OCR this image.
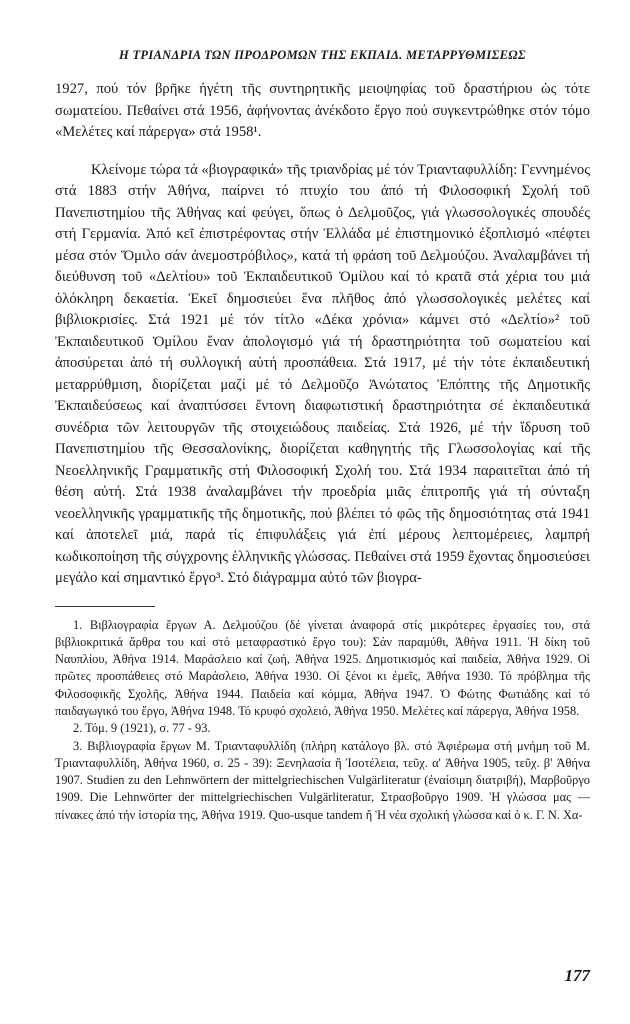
Η ΤΡΙΑΝΔΡΙΑ ΤΩΝ ΠΡΟΔΡΟΜΩΝ ΤΗΣ ΕΚΠΑΙΔ. ΜΕΤΑΡΡΥΘΜΙΣΕΩΣ

1927, πού τόν βρῆκε ἡγέτη τῆς συντηρητικῆς μειοψηφίας τοῦ δραστήριου ὡς τότε σωματείου. Πεθαίνει στά 1956, ἀφήνοντας ἀνέκδοτο ἔργο πού συγκεντρώθηκε στόν τόμο «Μελέτες καί πάρεργα» στά 1958¹.

Κλείνομε τώρα τά «βιογραφικά» τῆς τριανδρίας μέ τόν Τριανταφυλλίδη: Γεννημένος στά 1883 στήν Ἀθήνα, παίρνει τό πτυχίο του ἀπό τή Φιλοσοφική Σχολή τοῦ Πανεπιστημίου τῆς Ἀθήνας καί φεύγει, ὅπως ὁ Δελμοῦζος, γιά γλωσσολογικές σπουδές στή Γερμανία. Ἀπό κεῖ ἐπιστρέφοντας στήν Ἑλλάδα μέ ἐπιστημονικό ἐξοπλισμό «πέφτει μέσα στόν Ὅμιλο σάν ἀνεμοστρόβιλος», κατά τή φράση τοῦ Δελμούζου. Ἀναλαμβάνει τή διεύθυνση τοῦ «Δελτίου» τοῦ Ἐκπαιδευτικοῦ Ὁμίλου καί τό κρατᾶ στά χέρια του μιά ὁλόκληρη δεκαετία. Ἐκεῖ δημοσιεύει ἕνα πλῆθος ἀπό γλωσσολογικές μελέτες καί βιβλιοκρισίες. Στά 1921 μέ τόν τίτλο «Δέκα χρόνια» κάμνει στό «Δελτίο»² τοῦ Ἐκπαιδευτικοῦ Ὁμίλου ἕναν ἀπολογισμό γιά τή δραστηριότητα τοῦ σωματείου καί ἀποσύρεται ἀπό τή συλλογική αὐτή προσπάθεια. Στά 1917, μέ τήν τότε ἐκπαιδευτική μεταρρύθμιση, διορίζεται μαζί μέ τό Δελμοῦζο Ἀνώτατος Ἐπόπτης τῆς Δημοτικῆς Ἐκπαιδεύσεως καί ἀναπτύσσει ἔντονη διαφωτιστική δραστηριότητα σέ ἐκπαιδευτικά συνέδρια τῶν λειτουργῶν τῆς στοιχειώδους παιδείας. Στά 1926, μέ τήν ἵδρυση τοῦ Πανεπιστημίου τῆς Θεσσαλονίκης, διορίζεται καθηγητής τῆς Γλωσσολογίας καί τῆς Νεοελληνικῆς Γραμματικῆς στή Φιλοσοφική Σχολή του. Στά 1934 παραιτεῖται ἀπό τή θέση αὐτή. Στά 1938 ἀναλαμβάνει τήν προεδρία μιᾶς ἐπιτροπῆς γιά τή σύνταξη νεοελληνικῆς γραμματικῆς τῆς δημοτικῆς, πού βλέπει τό φῶς τῆς δημοσιότητας στά 1941 καί ἀποτελεῖ μιά, παρά τίς ἐπιφυλάξεις γιά ἐπί μέρους λεπτομέρειες, λαμπρή κωδικοποίηση τῆς σύγχρονης ἑλληνικῆς γλώσσας. Πεθαίνει στά 1959 ἔχοντας δημοσιεύσει μεγάλο καί σημαντικό ἔργο³. Στό διάγραμμα αὐτό τῶν βιογρα-

1. Βιβλιογραφία ἔργων Α. Δελμούζου (δέ γίνεται ἀναφορά στίς μικρότερες ἐργασίες του, στά βιβλιοκριτικά ἄρθρα του καί στό μεταφραστικό ἔργο του): Σάν παραμύθι, Ἀθήνα 1911. Ἡ δίκη τοῦ Ναυπλίου, Ἀθήνα 1914. Μαράσλειο καί ζωή, Ἀθήνα 1925. Δημοτικισμός καί παιδεία, Ἀθήνα 1929. Οἱ πρῶτες προσπάθειες στό Μαράσλειο, Ἀθήνα 1930. Οἱ ξένοι κι ἐμεῖς, Ἀθήνα 1930. Τό πρόβλημα τῆς Φιλοσοφικῆς Σχολῆς, Ἀθήνα 1944. Παιδεία καί κόμμα, Ἀθήνα 1947. Ὁ Φώτης Φωτιάδης καί τό παιδαγωγικό του ἔργο, Ἀθήνα 1948. Τό κρυφό σχολειό, Ἀθήνα 1950. Μελέτες καί πάρεργα, Ἀθήνα 1958.

2. Τόμ. 9 (1921), σ. 77 - 93.

3. Βιβλιογραφία ἔργων Μ. Τριανταφυλλίδη (πλήρη κατάλογο βλ. στό Ἀφιέρωμα στή μνήμη τοῦ Μ. Τριανταφυλλίδη, Ἀθήνα 1960, σ. 25 - 39): Ξενηλασία ἤ Ἰσοτέλεια, τεῦχ. α' Ἀθήνα 1905, τεῦχ. β' Ἀθήνα 1907. Studien zu den Lehnwörtern der mittelgriechischen Vulgärliteratur (ἐναίσιμη διατριβή), Μαρβοῦργο 1909. Die Lehnwörter der mittelgriechischen Vulgärliteratur, Στρασβοῦργο 1909. Ἡ γλώσσα μας — πίνακες ἀπό τήν ἱστορία της, Ἀθήνα 1919. Quo-usque tandem ἤ Ἡ νέα σχολική γλώσσα καί ὁ κ. Γ. Ν. Χα-

177
